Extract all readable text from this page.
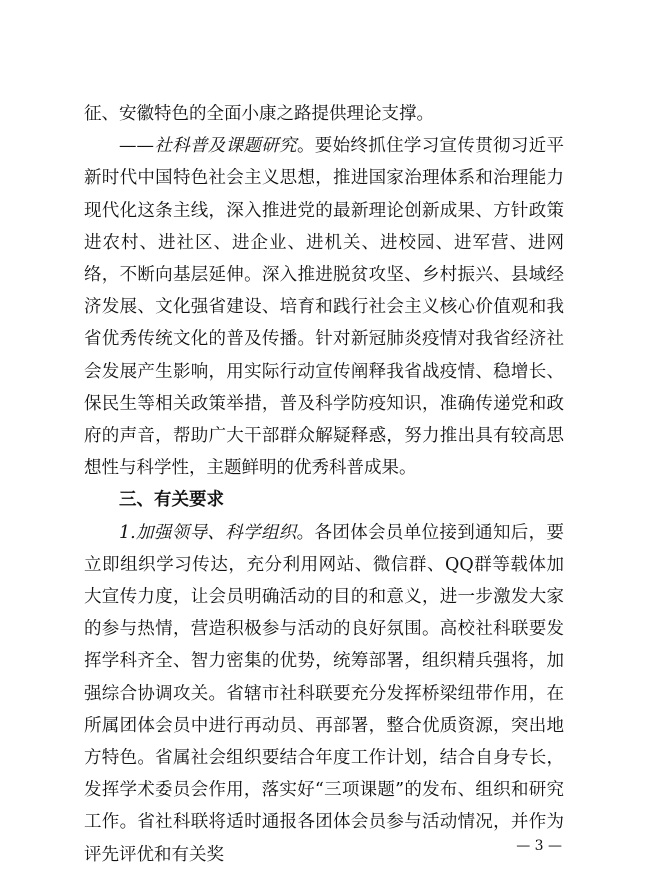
征、安徽特色的全面小康之路提供理论支撑。

——社科普及课题研究。要始终抓住学习宣传贯彻习近平新时代中国特色社会主义思想，推进国家治理体系和治理能力现代化这条主线，深入推进党的最新理论创新成果、方针政策进农村、进社区、进企业、进机关、进校园、进军营、进网络，不断向基层延伸。深入推进脱贫攻坚、乡村振兴、县域经济发展、文化强省建设、培育和践行社会主义核心价值观和我省优秀传统文化的普及传播。针对新冠肺炎疫情对我省经济社会发展产生影响，用实际行动宣传阐释我省战疫情、稳增长、保民生等相关政策举措，普及科学防疫知识，准确传递党和政府的声音，帮助广大干部群众解疑释惑，努力推出具有较高思想性与科学性，主题鲜明的优秀科普成果。

三、有关要求

1.加强领导、科学组织。各团体会员单位接到通知后，要立即组织学习传达，充分利用网站、微信群、QQ群等载体加大宣传力度，让会员明确活动的目的和意义，进一步激发大家的参与热情，营造积极参与活动的良好氛围。高校社科联要发挥学科齐全、智力密集的优势，统筹部署，组织精兵强将，加强综合协调攻关。省辖市社科联要充分发挥桥梁纽带作用，在所属团体会员中进行再动员、再部署，整合优质资源，突出地方特色。省属社会组织要结合年度工作计划，结合自身专长，发挥学术委员会作用，落实好“三项课题”的发布、组织和研究工作。省社科联将适时通报各团体会员参与活动情况，并作为评先评优和有关奖	— 3 —
